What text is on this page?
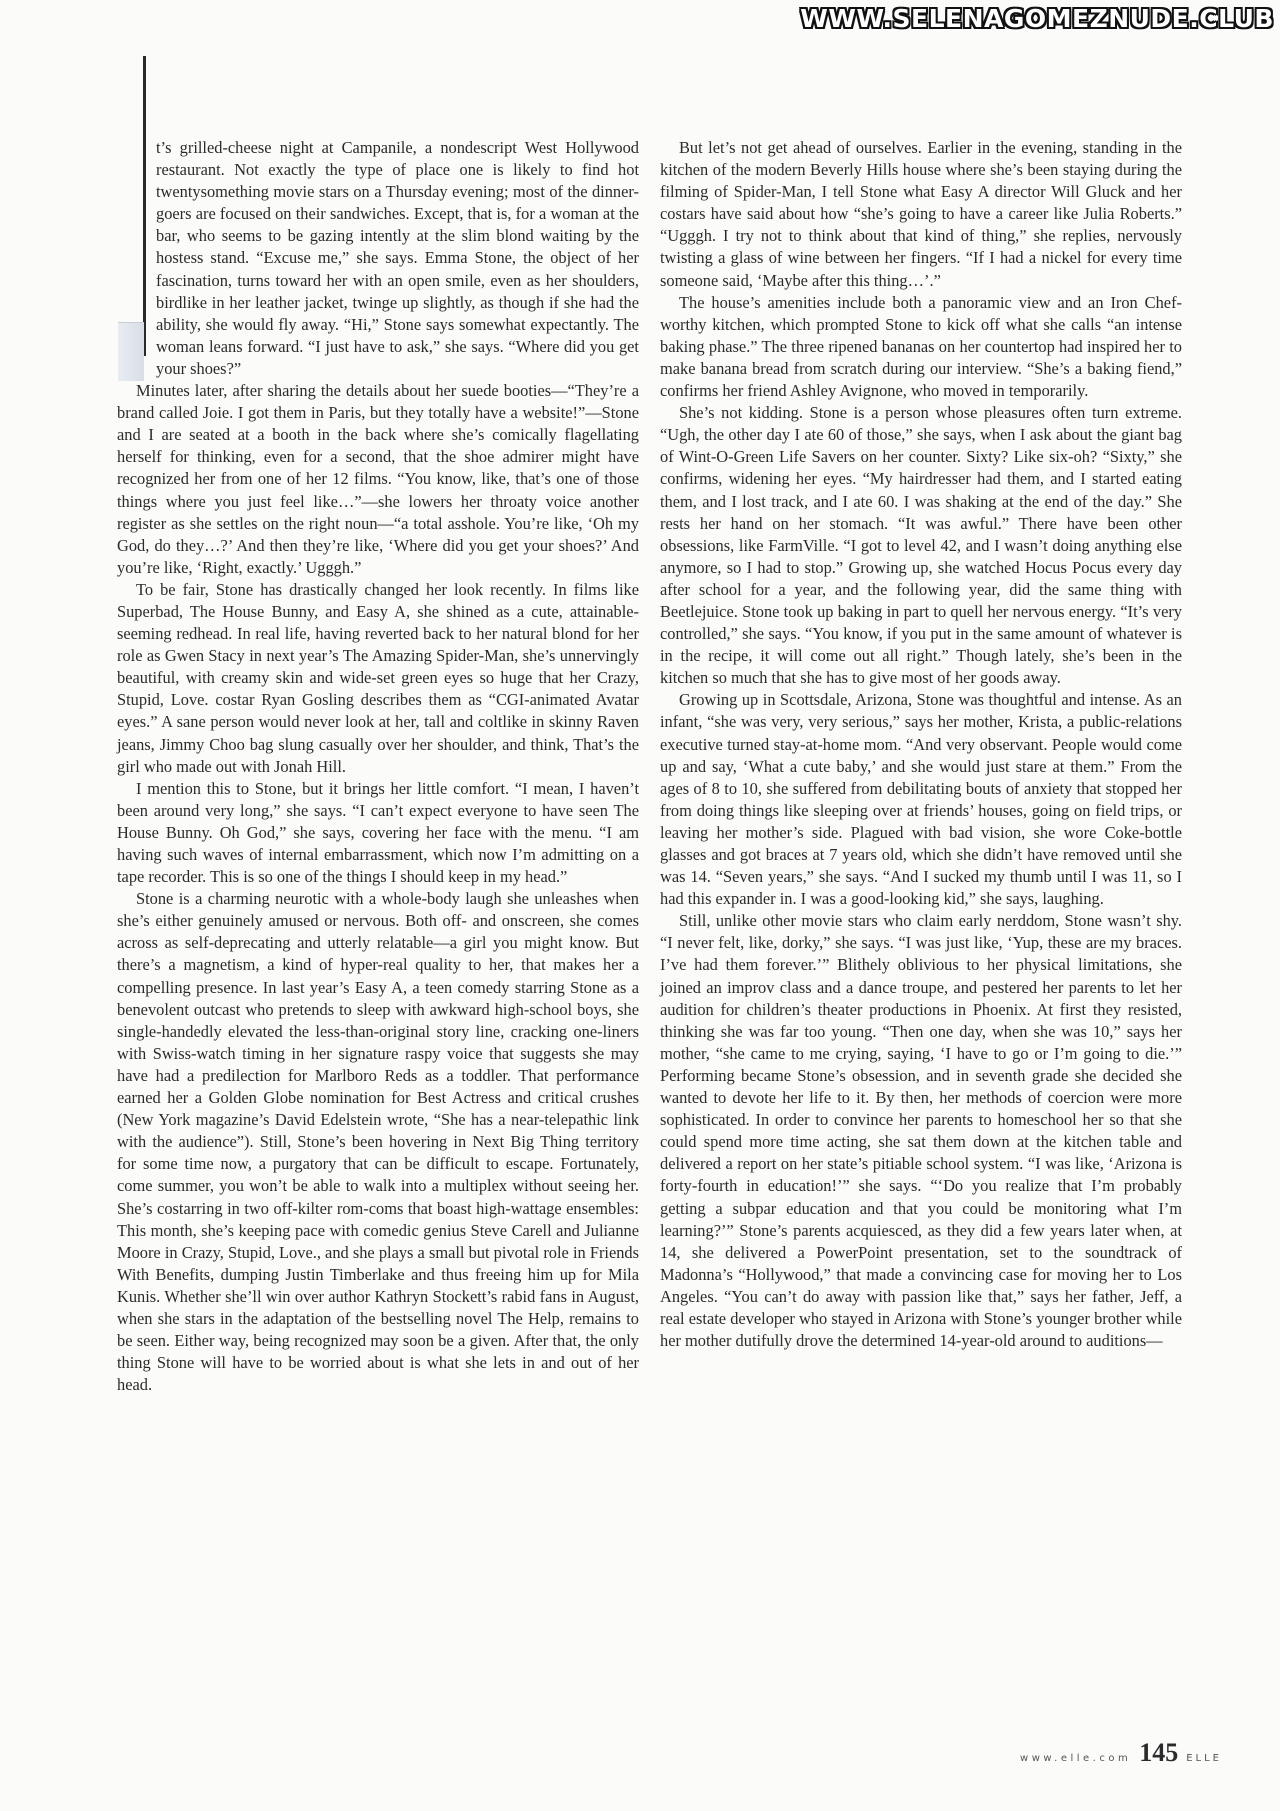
WWW.SELENAGOMEZNUDE.CLUB

t’s grilled-cheese night at Campanile, a nondescript West Hollywood restaurant. Not exactly the type of place one is likely to find hot twentysomething movie stars on a Thursday evening; most of the dinner-goers are focused on their sandwiches. Except, that is, for a woman at the bar, who seems to be gazing intently at the slim blond waiting by the hostess stand. “Excuse me,” she says. Emma Stone, the object of her fascination, turns toward her with an open smile, even as her shoulders, birdlike in her leather jacket, twinge up slightly, as though if she had the ability, she would fly away. “Hi,” Stone says somewhat expectantly. The woman leans forward. “I just have to ask,” she says. “Where did you get your shoes?”

Minutes later, after sharing the details about her suede booties—“They’re a brand called Joie. I got them in Paris, but they totally have a website!”—Stone and I are seated at a booth in the back where she’s comically flagellating herself for thinking, even for a second, that the shoe admirer might have recognized her from one of her 12 films. “You know, like, that’s one of those things where you just feel like…”—she lowers her throaty voice another register as she settles on the right noun—“a total asshole. You’re like, ‘Oh my God, do they…?’ And then they’re like, ‘Where did you get your shoes?’ And you’re like, ‘Right, exactly.’ Ugggh.”

To be fair, Stone has drastically changed her look recently. In films like Superbad, The House Bunny, and Easy A, she shined as a cute, attainable-seeming redhead. In real life, having reverted back to her natural blond for her role as Gwen Stacy in next year’s The Amazing Spider-Man, she’s unnervingly beautiful, with creamy skin and wide-set green eyes so huge that her Crazy, Stupid, Love. costar Ryan Gosling describes them as “CGI-animated Avatar eyes.” A sane person would never look at her, tall and coltlike in skinny Raven jeans, Jimmy Choo bag slung casually over her shoulder, and think, That’s the girl who made out with Jonah Hill.

I mention this to Stone, but it brings her little comfort. “I mean, I haven’t been around very long,” she says. “I can’t expect everyone to have seen The House Bunny. Oh God,” she says, covering her face with the menu. “I am having such waves of internal embarrassment, which now I’m admitting on a tape recorder. This is so one of the things I should keep in my head.”

Stone is a charming neurotic with a whole-body laugh she unleashes when she’s either genuinely amused or nervous. Both off- and onscreen, she comes across as self-deprecating and utterly relatable—a girl you might know. But there’s a magnetism, a kind of hyper-real quality to her, that makes her a compelling presence. In last year’s Easy A, a teen comedy starring Stone as a benevolent outcast who pretends to sleep with awkward high-school boys, she single-handedly elevated the less-than-original story line, cracking one-liners with Swiss-watch timing in her signature raspy voice that suggests she may have had a predilection for Marlboro Reds as a toddler. That performance earned her a Golden Globe nomination for Best Actress and critical crushes (New York magazine’s David Edelstein wrote, “She has a near-telepathic link with the audience”). Still, Stone’s been hovering in Next Big Thing territory for some time now, a purgatory that can be difficult to escape. Fortunately, come summer, you won’t be able to walk into a multiplex without seeing her. She’s costarring in two off-kilter rom-coms that boast high-wattage ensembles: This month, she’s keeping pace with comedic genius Steve Carell and Julianne Moore in Crazy, Stupid, Love., and she plays a small but pivotal role in Friends With Benefits, dumping Justin Timberlake and thus freeing him up for Mila Kunis. Whether she’ll win over author Kathryn Stockett’s rabid fans in August, when she stars in the adaptation of the bestselling novel The Help, remains to be seen. Either way, being recognized may soon be a given. After that, the only thing Stone will have to be worried about is what she lets in and out of her head.

But let’s not get ahead of ourselves. Earlier in the evening, standing in the kitchen of the modern Beverly Hills house where she’s been staying during the filming of Spider-Man, I tell Stone what Easy A director Will Gluck and her costars have said about how “she’s going to have a career like Julia Roberts.” “Ugggh. I try not to think about that kind of thing,” she replies, nervously twisting a glass of wine between her fingers. “If I had a nickel for every time someone said, ‘Maybe after this thing…’.”

The house’s amenities include both a panoramic view and an Iron Chef-worthy kitchen, which prompted Stone to kick off what she calls “an intense baking phase.” The three ripened bananas on her countertop had inspired her to make banana bread from scratch during our interview. “She’s a baking fiend,” confirms her friend Ashley Avignone, who moved in temporarily.

She’s not kidding. Stone is a person whose pleasures often turn extreme. “Ugh, the other day I ate 60 of those,” she says, when I ask about the giant bag of Wint-O-Green Life Savers on her counter. Sixty? Like six-oh? “Sixty,” she confirms, widening her eyes. “My hairdresser had them, and I started eating them, and I lost track, and I ate 60. I was shaking at the end of the day.” She rests her hand on her stomach. “It was awful.” There have been other obsessions, like FarmVille. “I got to level 42, and I wasn’t doing anything else anymore, so I had to stop.” Growing up, she watched Hocus Pocus every day after school for a year, and the following year, did the same thing with Beetlejuice. Stone took up baking in part to quell her nervous energy. “It’s very controlled,” she says. “You know, if you put in the same amount of whatever is in the recipe, it will come out all right.” Though lately, she’s been in the kitchen so much that she has to give most of her goods away.

Growing up in Scottsdale, Arizona, Stone was thoughtful and intense. As an infant, “she was very, very serious,” says her mother, Krista, a public-relations executive turned stay-at-home mom. “And very observant. People would come up and say, ‘What a cute baby,’ and she would just stare at them.” From the ages of 8 to 10, she suffered from debilitating bouts of anxiety that stopped her from doing things like sleeping over at friends’ houses, going on field trips, or leaving her mother’s side. Plagued with bad vision, she wore Coke-bottle glasses and got braces at 7 years old, which she didn’t have removed until she was 14. “Seven years,” she says. “And I sucked my thumb until I was 11, so I had this expander in. I was a good-looking kid,” she says, laughing.

Still, unlike other movie stars who claim early nerddom, Stone wasn’t shy. “I never felt, like, dorky,” she says. “I was just like, ‘Yup, these are my braces. I’ve had them forever.’” Blithely oblivious to her physical limitations, she joined an improv class and a dance troupe, and pestered her parents to let her audition for children’s theater productions in Phoenix. At first they resisted, thinking she was far too young. “Then one day, when she was 10,” says her mother, “she came to me crying, saying, ‘I have to go or I’m going to die.’” Performing became Stone’s obsession, and in seventh grade she decided she wanted to devote her life to it. By then, her methods of coercion were more sophisticated. In order to convince her parents to homeschool her so that she could spend more time acting, she sat them down at the kitchen table and delivered a report on her state’s pitiable school system. “I was like, ‘Arizona is forty-fourth in education!’” she says. “‘Do you realize that I’m probably getting a subpar education and that you could be monitoring what I’m learning?’” Stone’s parents acquiesced, as they did a few years later when, at 14, she delivered a PowerPoint presentation, set to the soundtrack of Madonna’s “Hollywood,” that made a convincing case for moving her to Los Angeles. “You can’t do away with passion like that,” says her father, Jeff, a real estate developer who stayed in Arizona with Stone’s younger brother while her mother dutifully drove the determined 14-year-old around to auditions—

www.elle.com 145 ELLE
